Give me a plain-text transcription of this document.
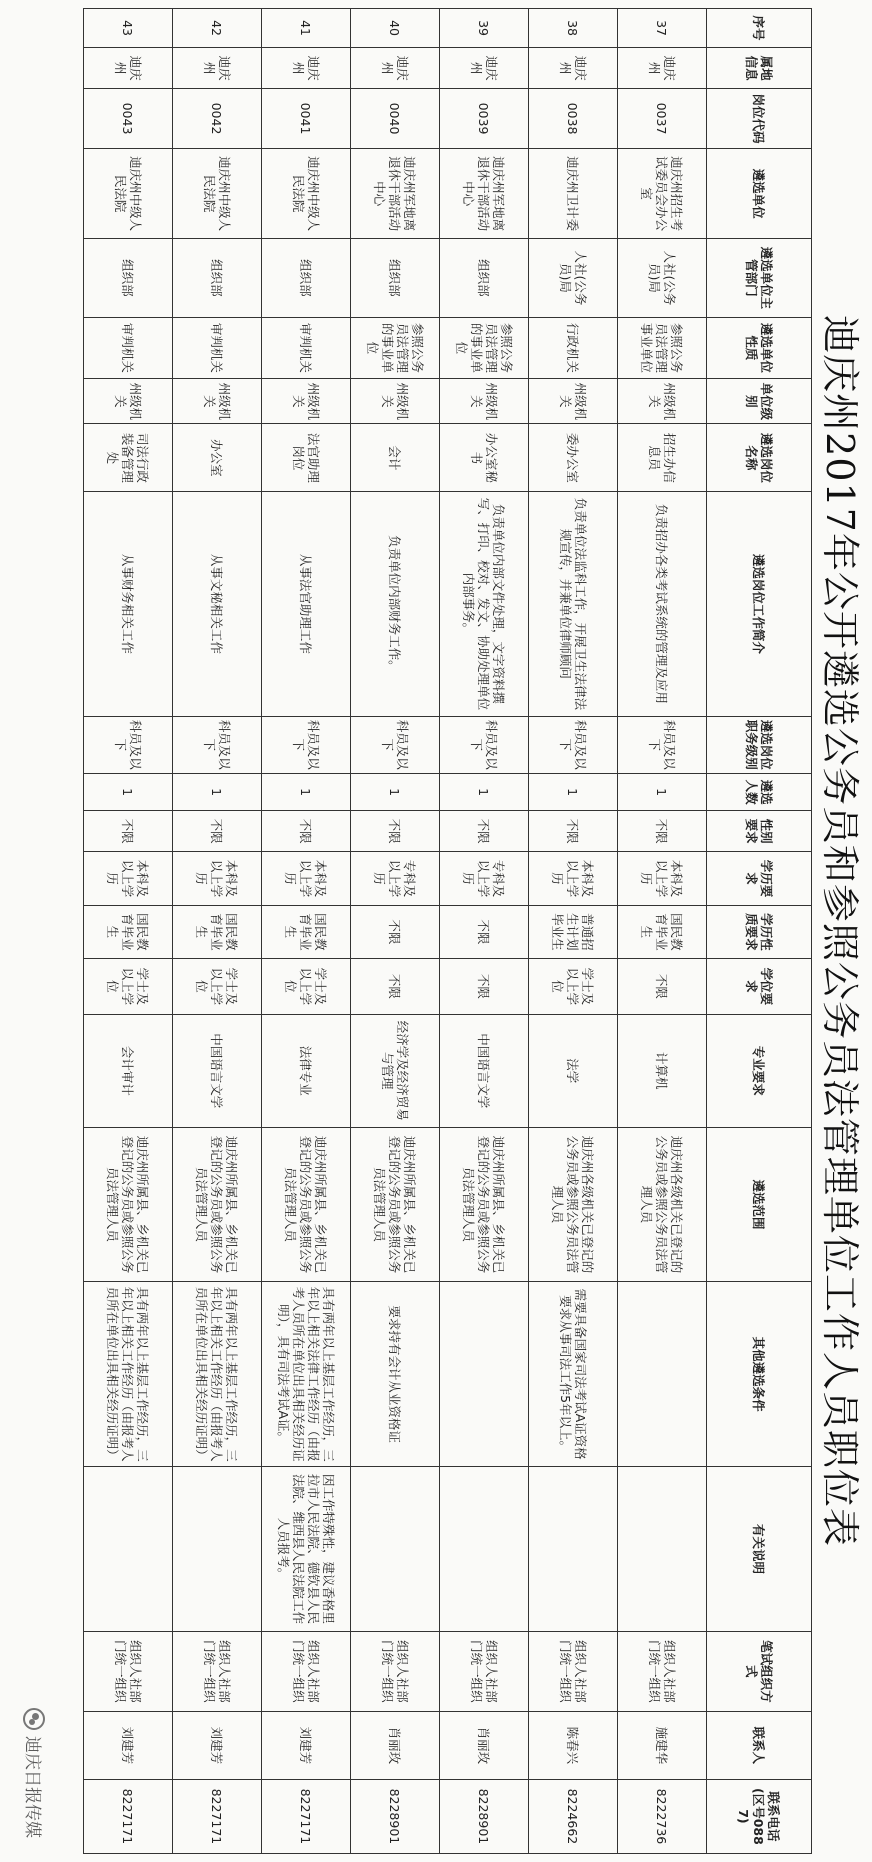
迪庆州2017年公开遴选公务员和参照公务员法管理单位工作人员职位表
序号	属地信息	岗位代码	遴选单位	遴选单位主管部门	遴选单位性质	单位级别	遴选岗位名称	遴选岗位工作简介	遴选岗位职务级别	遴选人数	性别要求	学历要求	学历性质要求	学位要求	专业要求	遴选范围	其他遴选条件	有关说明	笔试组织方式	联系人	联系电话(区号0887)
37	迪庆州	0037	迪庆州招生考试委员会办公室	人社(公务员)局	参照公务员法管理事业单位	州级机关	招生办信息员	负责招办各类考试系统的管理及应用	科员及以下	1	不限	本科及以上学历	国民教育毕业生	不限	计算机	迪庆州各级机关已登记的公务员或参照公务员法管理人员			组织人社部门统一组织	施建华	8222736
38	迪庆州	0038	迪庆州卫计委	人社(公务员)局	行政机关	州级机关	委办公室	负责单位法监科工作，开展卫生法律法规宣传，并兼单位律师顾问	科员及以下	1	不限	本科及以上学历	普通招生计划毕业生	学士及以上学位	法学	迪庆州各级机关已登记的公务员或参照公务员法管理人员	需要具备国家司法考试A证资格要求从事司法工作5年以上。		组织人社部门统一组织	陈春兴	8224662
39	迪庆州	0039	迪庆州军地离退休干部活动中心	组织部	参照公务员法管理的事业单位	州级机关	办公室秘书	负责单位内部文件处理，文字资料撰写、打印、校对、发文、协助处理单位内部事务。	科员及以下	1	不限	专科及以上学历	不限	不限	中国语言文学	迪庆州所属县、乡机关已登记的公务员或参照公务员法管理人员			组织人社部门统一组织	肖丽玫	8228901
40	迪庆州	0040	迪庆州军地离退休干部活动中心	组织部	参照公务员法管理的事业单位	州级机关	会计	负责单位内部财务工作。	科员及以下	1	不限	专科及以上学历	不限	不限	经济学及经济贸易与管理	迪庆州所属县、乡机关已登记的公务员或参照公务员法管理人员	要求持有会计从业资格证		组织人社部门统一组织	肖丽玫	8228901
41	迪庆州	0041	迪庆州中级人民法院	组织部	审判机关	州级机关	法官助理岗位	从事法官助理工作	科员及以下	1	不限	本科及以上学历	国民教育毕业生	学士及以上学位	法律专业	迪庆州所属县、乡机关已登记的公务员或参照公务员法管理人员	具有两年以上基层工作经历，三年以上相关法律工作经历（由报考人员所在单位出具相关经历证明），具有司法考试A证。	因工作特殊性，建议香格里拉市人民法院、德钦县人民法院、维西县人民法院工作人员报考。	组织人社部门统一组织	刘建芳	8227171
42	迪庆州	0042	迪庆州中级人民法院	组织部	审判机关	州级机关	办公室	从事文秘相关工作	科员及以下	1	不限	本科及以上学历	国民教育毕业生	学士及以上学位	中国语言文学	迪庆州所属县、乡机关已登记的公务员或参照公务员法管理人员	具有两年以上基层工作经历，三年以上相关工作经历（由报考人员所在单位出具相关经历证明）		组织人社部门统一组织	刘建芳	8227171
43	迪庆州	0043	迪庆州中级人民法院	组织部	审判机关	州级机关	司法行政装备管理处	从事财务相关工作	科员及以下	1	不限	本科及以上学历	国民教育毕业生	学士及以上学位	会计审计	迪庆州所属县、乡机关已登记的公务员或参照公务员法管理人员	具有两年以上基层工作经历，三年以上相关工作经历（由报考人员所在单位出具相关经历证明）		组织人社部门统一组织	刘建芳	8227171
迪庆日报传媒
